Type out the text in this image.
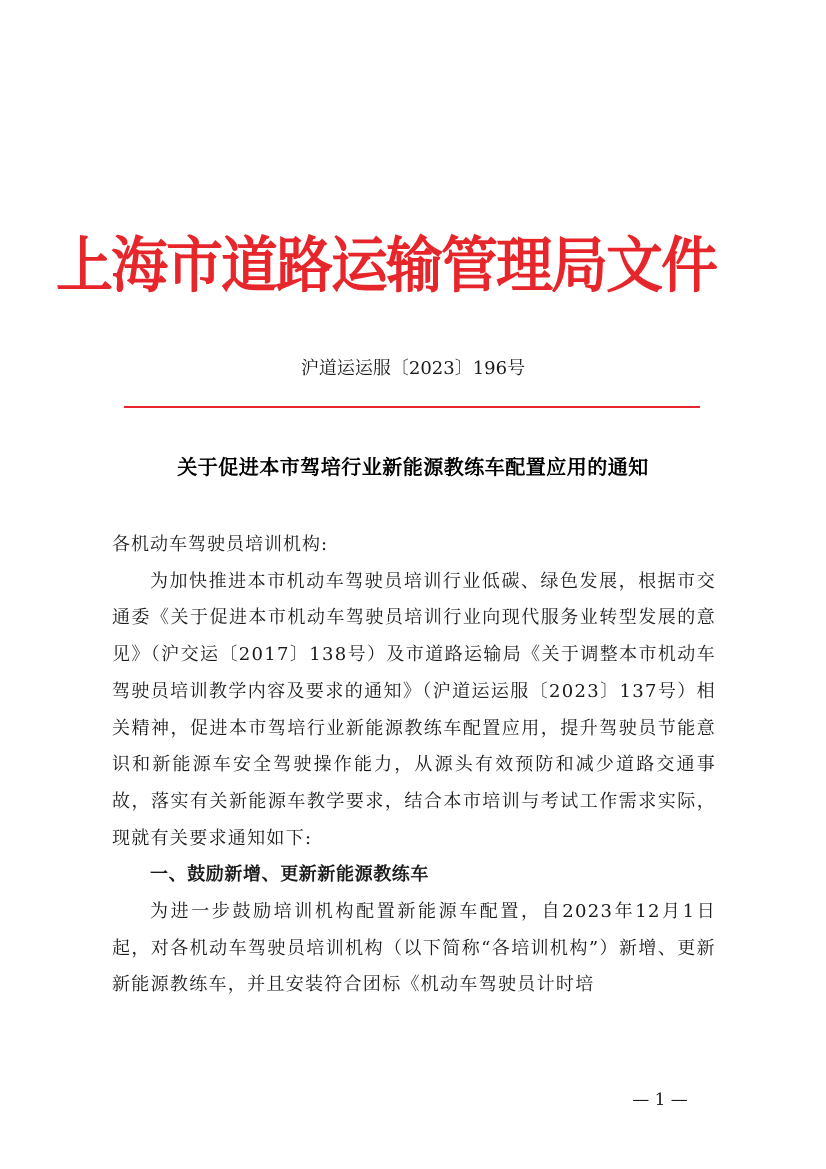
上海市道路运输管理局文件
沪道运运服〔2023〕196号
关于促进本市驾培行业新能源教练车配置应用的通知

各机动车驾驶员培训机构:

为加快推进本市机动车驾驶员培训行业低碳、绿色发展，根据市交通委《关于促进本市机动车驾驶员培训行业向现代服务业转型发展的意见》（沪交运〔2017〕138号）及市道路运输局《关于调整本市机动车驾驶员培训教学内容及要求的通知》（沪道运运服〔2023〕137号）相关精神，促进本市驾培行业新能源教练车配置应用，提升驾驶员节能意识和新能源车安全驾驶操作能力，从源头有效预防和减少道路交通事故，落实有关新能源车教学要求，结合本市培训与考试工作需求实际，现就有关要求通知如下:

一、鼓励新增、更新新能源教练车

为进一步鼓励培训机构配置新能源车配置，自2023年12月1日起，对各机动车驾驶员培训机构（以下简称“各培训机构”）新增、更新新能源教练车，并且安装符合团标《机动车驾驶员计时培

— 1 —
